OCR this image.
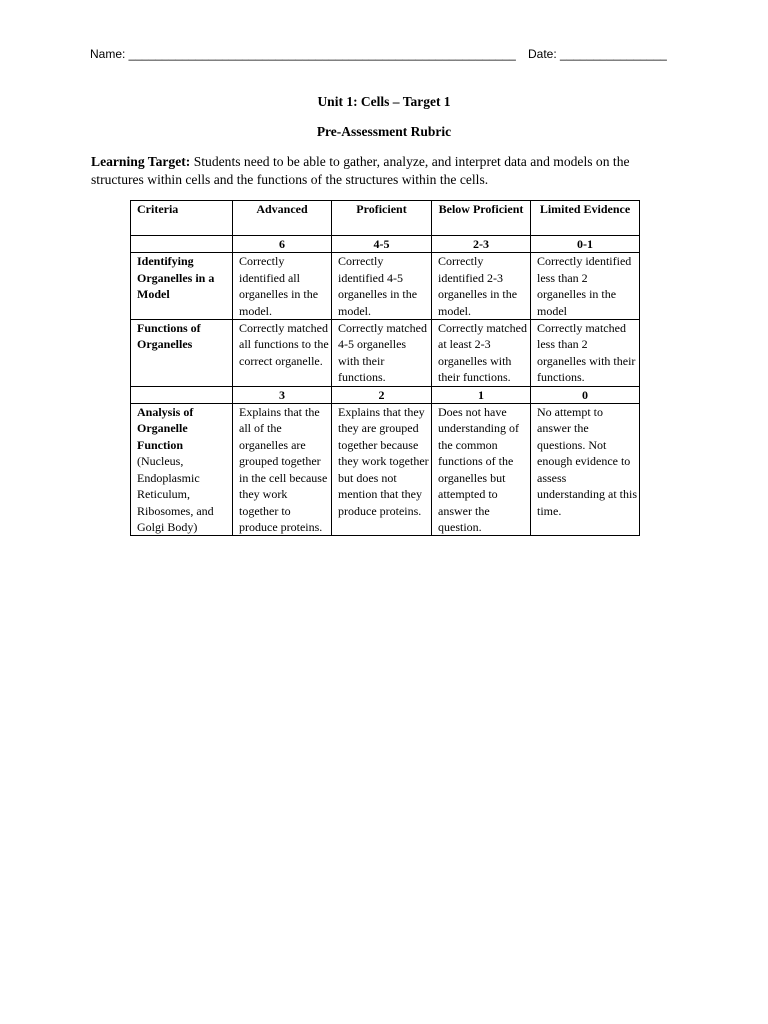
Name: __________________________________________________________ Date: ________________
Unit 1: Cells – Target 1
Pre-Assessment Rubric
Learning Target: Students need to be able to gather, analyze, and interpret data and models on the structures within cells and the functions of the structures within the cells.
Criteria	Advanced	Proficient	Below Proficient	Limited Evidence
	6	4-5	2-3	0-1
Identifying Organelles in a Model	Correctly identified all organelles in the model.	Correctly identified 4-5 organelles in the model.	Correctly identified 2-3 organelles in the model.	Correctly identified less than 2 organelles in the model
Functions of Organelles	Correctly matched all functions to the correct organelle.	Correctly matched 4-5 organelles with their functions.	Correctly matched at least 2-3 organelles with their functions.	Correctly matched less than 2 organelles with their functions.
	3	2	1	0
Analysis of Organelle Function (Nucleus, Endoplasmic Reticulum, Ribosomes, and Golgi Body)	Explains that the all of the organelles are grouped together in the cell because they work together to produce proteins.	Explains that they they are grouped together because they work together but does not mention that they produce proteins.	Does not have understanding of the common functions of the organelles but attempted to answer the question.	No attempt to answer the questions. Not enough evidence to assess understanding at this time.
